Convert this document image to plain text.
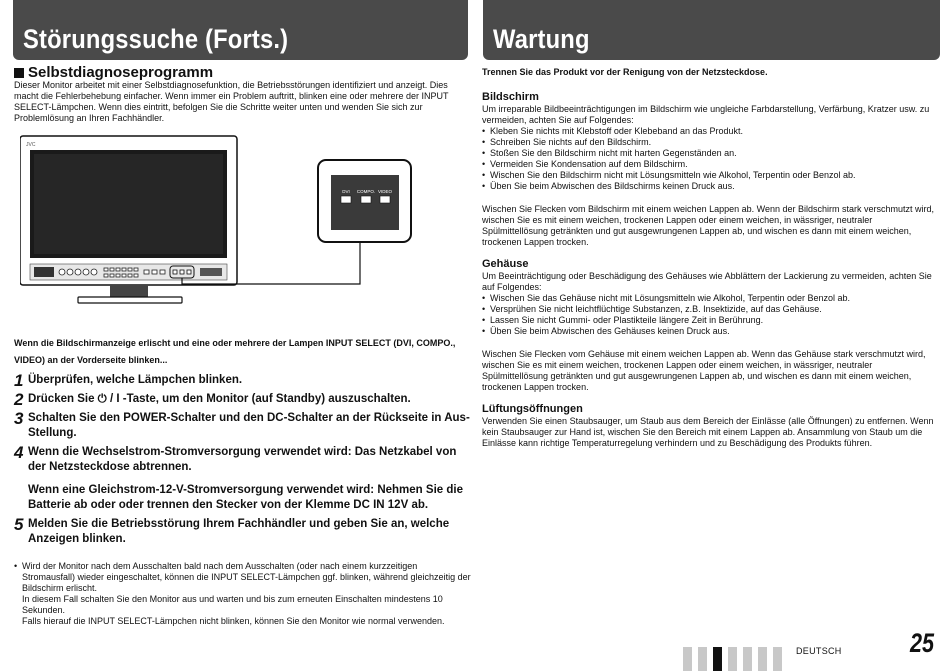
Störungssuche (Forts.)	Wartung
Selbstdiagnoseprogramm

Dieser Monitor arbeitet mit einer Selbstdiagnosefunktion, die Betriebsstörungen identifiziert und anzeigt. Dies macht die Fehlerbehebung einfacher. Wenn immer ein Problem auftritt, blinken eine oder mehrere der INPUT SELECT-Lämpchen. Wenn dies eintritt, befolgen Sie die Schritte weiter unten und wenden Sie sich zur Problemlösung an Ihren Fachhändler.

JVC
DVI COMPO. VIDEO

Wenn die Bildschirmanzeige erlischt und eine oder mehrere der Lampen INPUT SELECT (DVI, COMPO., VIDEO) an der Vorderseite blinken...

1 Überprüfen, welche Lämpchen blinken.
2 Drücken Sie ⏻ / I -Taste, um den Monitor (auf Standby) auszuschalten.
3 Schalten Sie den POWER-Schalter und den DC-Schalter an der Rückseite in Aus-Stellung.
4 Wenn die Wechselstrom-Stromversorgung verwendet wird: Das Netzkabel von der Netzsteckdose abtrennen.

Wenn eine Gleichstrom-12-V-Stromversorgung verwendet wird: Nehmen Sie die Batterie ab oder oder trennen den Stecker von der Klemme DC IN 12V ab.

5 Melden Sie die Betriebsstörung Ihrem Fachhändler und geben Sie an, welche Anzeigen blinken.

• Wird der Monitor nach dem Ausschalten bald nach dem Ausschalten (oder nach einem kurzzeitigen Stromausfall) wieder eingeschaltet, können die INPUT SELECT-Lämpchen ggf. blinken, während gleichzeitig der Bildschirm erlischt.

In diesem Fall schalten Sie den Monitor aus und warten und bis zum erneuten Einschalten mindestens 10 Sekunden.

Falls hierauf die INPUT SELECT-Lämpchen nicht blinken, können Sie den Monitor wie normal verwenden.

Trennen Sie das Produkt vor der Renigung von der Netzsteckdose.

Bildschirm

Um irreparable Bildbeeinträchtigungen im Bildschirm wie ungleiche Farbdarstellung, Verfärbung, Kratzer usw. zu vermeiden, achten Sie auf Folgendes:

• Kleben Sie nichts mit Klebstoff oder Klebeband an das Produkt.
• Schreiben Sie nichts auf den Bildschirm.
• Stoßen Sie den Bildschirm nicht mit harten Gegenständen an.
• Vermeiden Sie Kondensation auf dem Bildschirm.
• Wischen Sie den Bildschirm nicht mit Lösungsmitteln wie Alkohol, Terpentin oder Benzol ab.
• Üben Sie beim Abwischen des Bildschirms keinen Druck aus.

Wischen Sie Flecken vom Bildschirm mit einem weichen Lappen ab. Wenn der Bildschirm stark verschmutzt wird, wischen Sie es mit einem weichen, trockenen Lappen oder einem weichen, in wässriger, neutraler Spülmittellösung getränkten und gut ausgewrungenen Lappen ab, und wischen es dann mit einem weichen, trockenen Lappen trocken.

Gehäuse

Um Beeinträchtigung oder Beschädigung des Gehäuses wie Abblättern der Lackierung zu vermeiden, achten Sie auf Folgendes:

• Wischen Sie das Gehäuse nicht mit Lösungsmitteln wie Alkohol, Terpentin oder Benzol ab.
• Versprühen Sie nicht leichtflüchtige Substanzen, z.B. Insektizide, auf das Gehäuse.
• Lassen Sie nicht Gummi- oder Plastikteile längere Zeit in Berührung.
• Üben Sie beim Abwischen des Gehäuses keinen Druck aus.

Wischen Sie Flecken vom Gehäuse mit einem weichen Lappen ab. Wenn das Gehäuse stark verschmutzt wird, wischen Sie es mit einem weichen, trockenen Lappen oder einem weichen, in wässriger, neutraler Spülmittellösung getränkten und gut ausgewrungenen Lappen ab, und wischen es dann mit einem weichen, trockenen Lappen trocken.

Lüftungsöffnungen

Verwenden Sie einen Staubsauger, um Staub aus dem Bereich der Einlässe (alle Öffnungen) zu entfernen. Wenn kein Staubsauger zur Hand ist, wischen Sie den Bereich mit einem Lappen ab. Ansammlung von Staub um die Einlässe kann richtige Temperaturregelung verhindern und zu Beschädigung des Produkts führen.

DEUTSCH	25
